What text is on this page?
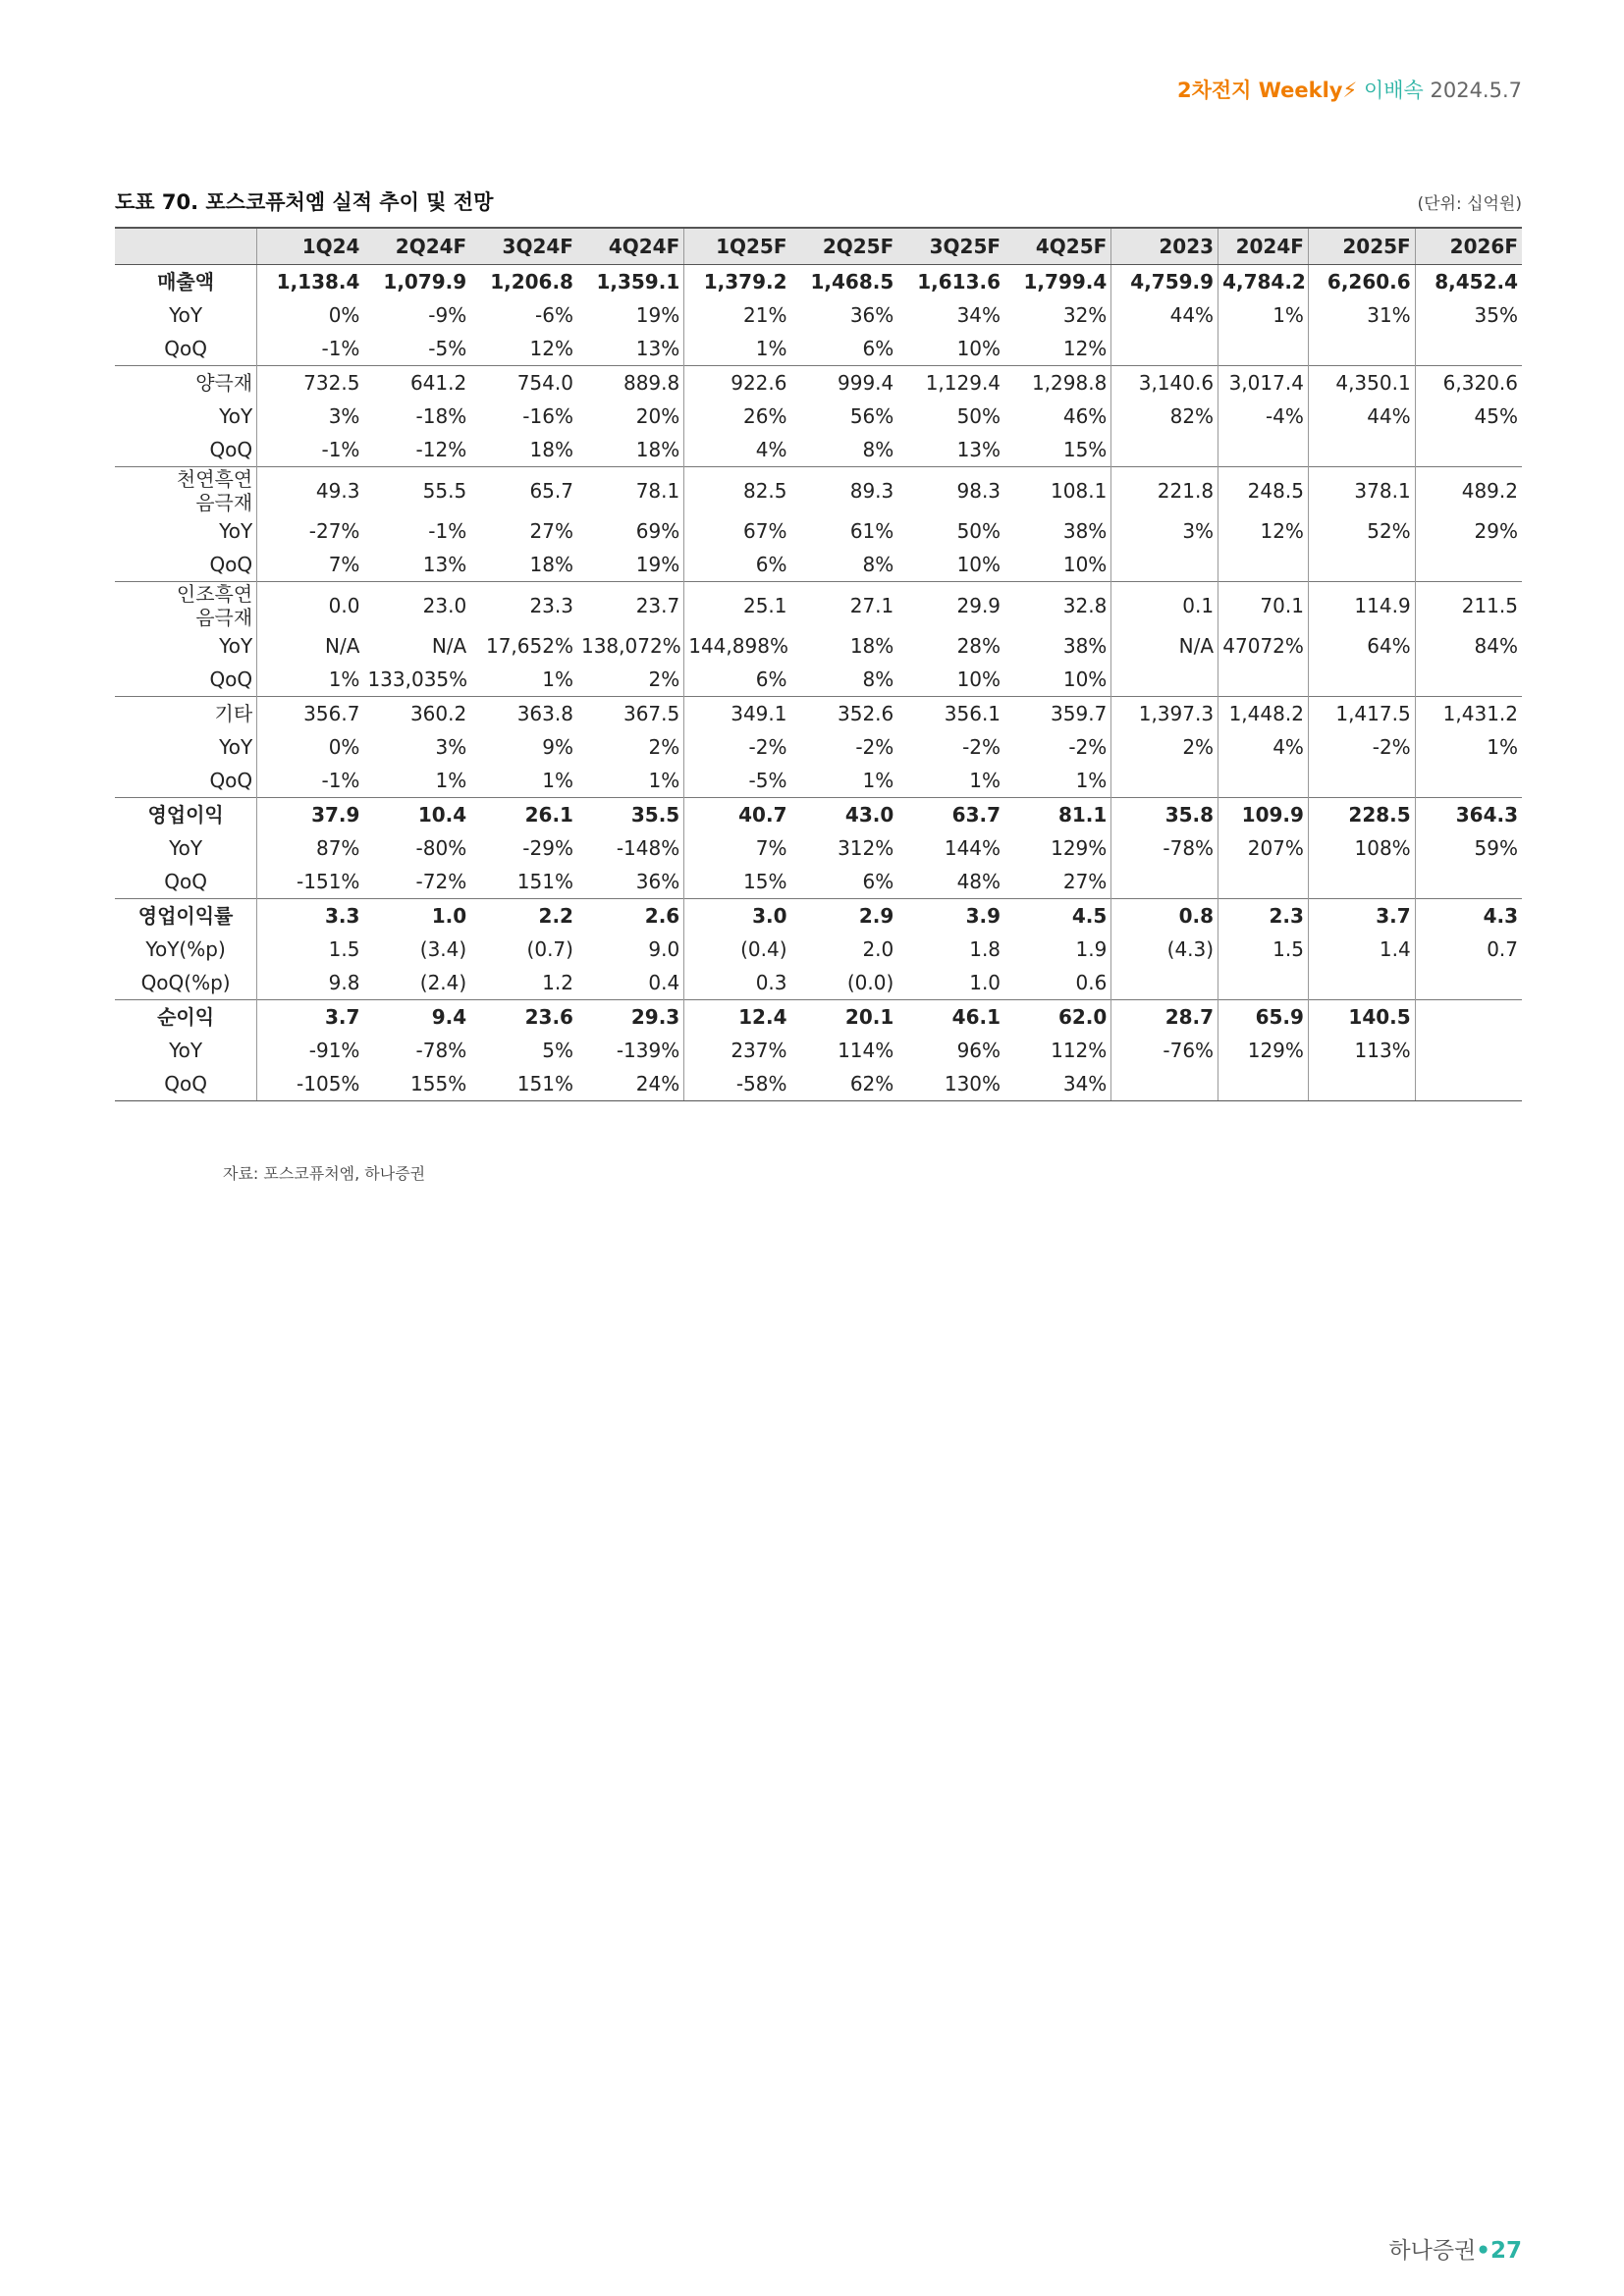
2차전지 Weekly⚡ 이배속 2024.5.7
도표 70. 포스코퓨처엠 실적 추이 및 전망	(단위: 십억원)
	1Q24	2Q24F	3Q24F	4Q24F	1Q25F	2Q25F	3Q25F	4Q25F	2023	2024F	2025F	2026F
매출액	1,138.4	1,079.9	1,206.8	1,359.1	1,379.2	1,468.5	1,613.6	1,799.4	4,759.9	4,784.2	6,260.6	8,452.4
YoY	0%	-9%	-6%	19%	21%	36%	34%	32%	44%	1%	31%	35%
QoQ	-1%	-5%	12%	13%	1%	6%	10%	12%				
양극재	732.5	641.2	754.0	889.8	922.6	999.4	1,129.4	1,298.8	3,140.6	3,017.4	4,350.1	6,320.6
YoY	3%	-18%	-16%	20%	26%	56%	50%	46%	82%	-4%	44%	45%
QoQ	-1%	-12%	18%	18%	4%	8%	13%	15%				

천연흑연
음극재	49.3	55.5	65.7	78.1	82.5	89.3	98.3	108.1	221.8	248.5	378.1	489.2
YoY	-27%	-1%	27%	69%	67%	61%	50%	38%	3%	12%	52%	29%
QoQ	7%	13%	18%	19%	6%	8%	10%	10%				

인조흑연
음극재	0.0	23.0	23.3	23.7	25.1	27.1	29.9	32.8	0.1	70.1	114.9	211.5
YoY	N/A	N/A	17,652%	138,072%	144,898%	18%	28%	38%	N/A	47072%	64%	84%
QoQ	1%	133,035%	1%	2%	6%	8%	10%	10%				
기타	356.7	360.2	363.8	367.5	349.1	352.6	356.1	359.7	1,397.3	1,448.2	1,417.5	1,431.2
YoY	0%	3%	9%	2%	-2%	-2%	-2%	-2%	2%	4%	-2%	1%
QoQ	-1%	1%	1%	1%	-5%	1%	1%	1%				
영업이익	37.9	10.4	26.1	35.5	40.7	43.0	63.7	81.1	35.8	109.9	228.5	364.3
YoY	87%	-80%	-29%	-148%	7%	312%	144%	129%	-78%	207%	108%	59%
QoQ	-151%	-72%	151%	36%	15%	6%	48%	27%				
영업이익률	3.3	1.0	2.2	2.6	3.0	2.9	3.9	4.5	0.8	2.3	3.7	4.3
YoY(%p)	1.5	(3.4)	(0.7)	9.0	(0.4)	2.0	1.8	1.9	(4.3)	1.5	1.4	0.7
QoQ(%p)	9.8	(2.4)	1.2	0.4	0.3	(0.0)	1.0	0.6				
순이익	3.7	9.4	23.6	29.3	12.4	20.1	46.1	62.0	28.7	65.9	140.5	
YoY	-91%	-78%	5%	-139%	237%	114%	96%	112%	-76%	129%	113%	
QoQ	-105%	155%	151%	24%	-58%	62%	130%	34%				
자료: 포스코퓨처엠, 하나증권
하나증권•27
